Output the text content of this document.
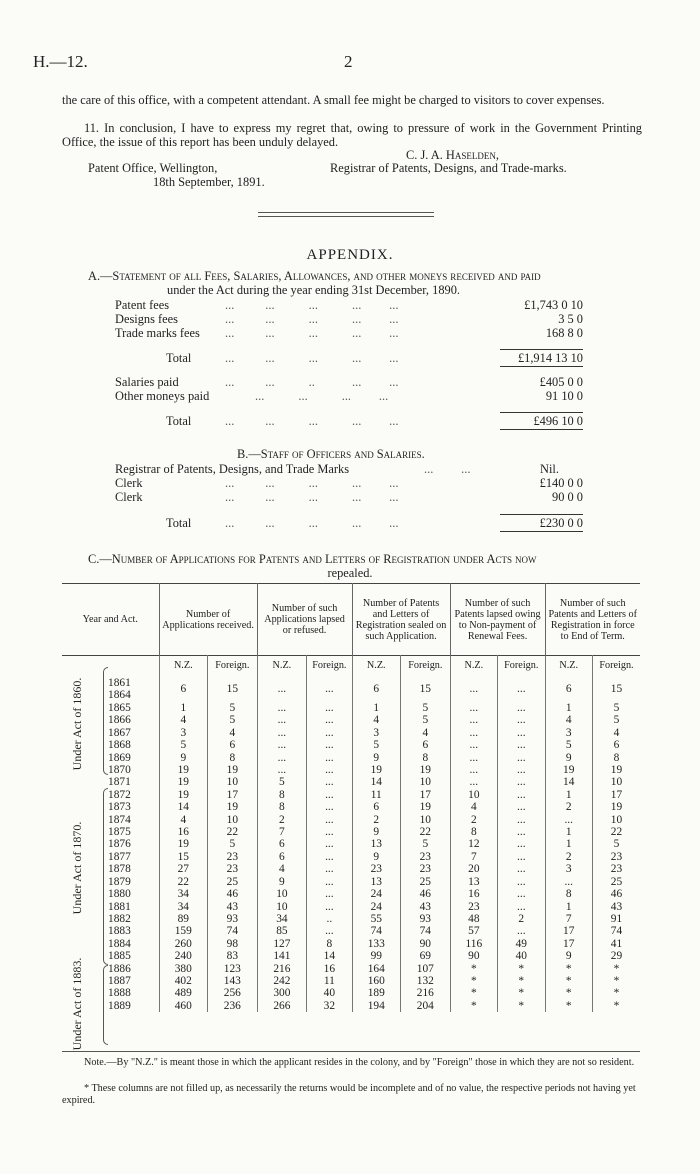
H.—12.	2
the care of this office, with a competent attendant. A small fee might be charged to visitors to cover expenses.
11. In conclusion, I have to express my regret that, owing to pressure of work in the Government Printing Office, the issue of this report has been unduly delayed.
C. J. A. Haselden,
Patent Office, Wellington,	Registrar of Patents, Designs, and Trade-marks.
18th September, 1891.
APPENDIX.
A.—Statement of all Fees, Salaries, Allowances, and other moneys received and paid
under the Act during the year ending 31st December, 1890.
Patent fees	...          ...           ...           ...         ...	£1,743 0 10
Designs fees	...          ...           ...           ...         ...	3 5 0
Trade marks fees ...          ...           ...           ...         ...	168 8 0
Total	...          ...           ...           ...         ...	£1,914 13 10
Salaries paid	...          ...           ..            ...         ...	£405 0 0
Other moneys paid	...           ...           ...         ...	91 10 0
Total	...          ...           ...           ...         ...	£496 10 0
B.—Staff of Officers and Salaries.
Registrar of Patents, Designs, and Trade Marks	...         ...	Nil.
Clerk	...          ...           ...           ...         ...	£140 0 0
Clerk	...          ...           ...           ...         ...	90 0 0
Total	...          ...           ...           ...         ...	£230 0 0
C.—Number of Applications for Patents and Letters of Registration under Acts now
repealed.
Year and Act.	Number of Applications received.		Number of such Applications lapsed or refused.		Number of Patents and Letters of Registration sealed on such Application.		Number of such Patents lapsed owing to Non-payment of Renewal Fees.		Number of such Patents and Letters of Registration in force to End of Term.	
	N.Z.	Foreign.	N.Z.	Foreign.	N.Z.	Foreign.	N.Z.	Foreign.	N.Z.	Foreign.
1861
1864	6	15	...	...	6	15	...	...	6	15
1865	1	5	...	...	1	5	...	...	1	5
1866	4	5	...	...	4	5	...	...	4	5
1867	3	4	...	...	3	4	...	...	3	4
1868	5	6	...	...	5	6	...	...	5	6
1869	9	8	...	...	9	8	...	...	9	8
1870	19	19	...	...	19	19	...	...	19	19
1871	19	10	5	...	14	10	...	...	14	10
1872	19	17	8	...	11	17	10	...	1	17
1873	14	19	8	...	6	19	4	...	2	19
1874	4	10	2	...	2	10	2	...	...	10
1875	16	22	7	...	9	22	8	...	1	22
1876	19	5	6	...	13	5	12	...	1	5
1877	15	23	6	...	9	23	7	...	2	23
1878	27	23	4	...	23	23	20	...	3	23
1879	22	25	9	...	13	25	13	...	...	25
1880	34	46	10	...	24	46	16	...	8	46
1881	34	43	10	...	24	43	23	...	1	43
1882	89	93	34	..	55	93	48	2	7	91
1883	159	74	85	...	74	74	57	...	17	74
1884	260	98	127	8	133	90	116	49	17	41
1885	240	83	141	14	99	69	90	40	9	29
1886	380	123	216	16	164	107	*	*	*	*
1887	402	143	242	11	160	132	*	*	*	*
1888	489	256	300	40	189	216	*	*	*	*
1889	460	236	266	32	194	204	*	*	*	*
Under Act of 1860.
Under Act of 1870.
Under Act of 1883.
Note.—By "N.Z." is meant those in which the applicant resides in the colony, and by "Foreign" those in which they are not so resident.
* These columns are not filled up, as necessarily the returns would be incomplete and of no value, the respective periods not having yet expired.
